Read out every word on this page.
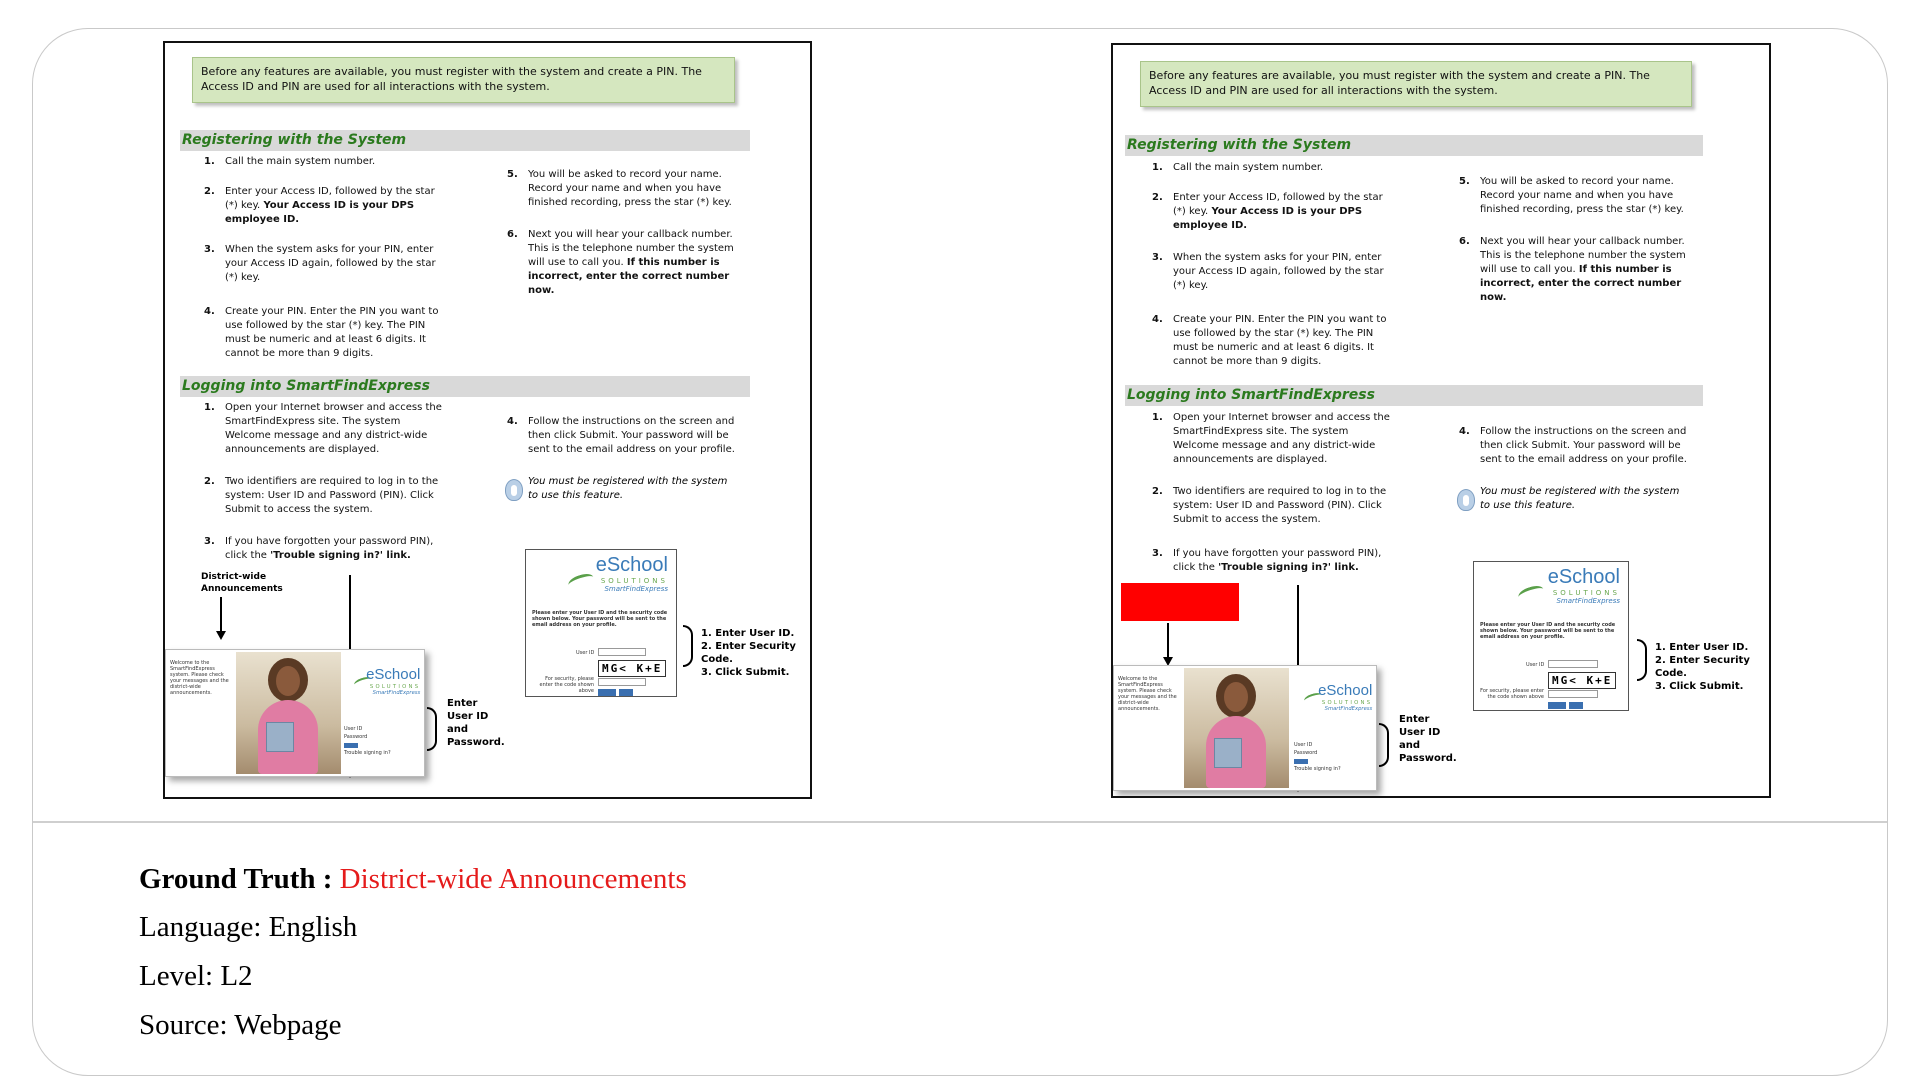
Before any features are available, you must register with the system and create a PIN. The Access ID and PIN are used for all interactions with the system.
Registering with the System
1. Call the main system number.
2. Enter your Access ID, followed by the star (*) key. Your Access ID is your DPS employee ID.
3. When the system asks for your PIN, enter your Access ID again, followed by the star (*) key.
4. Create your PIN. Enter the PIN you want to use followed by the star (*) key. The PIN must be numeric and at least 6 digits. It cannot be more than 9 digits.
5. You will be asked to record your name. Record your name and when you have finished recording, press the star (*) key.
6. Next you will hear your callback number. This is the telephone number the system will use to call you. If this number is incorrect, enter the correct number now.
Logging into SmartFindExpress
1. Open your Internet browser and access the SmartFindExpress site. The system Welcome message and any district-wide announcements are displayed.
2. Two identifiers are required to log in to the system: User ID and Password (PIN). Click Submit to access the system.
3. If you have forgotten your password PIN), click the 'Trouble signing in?' link.
4. Follow the instructions on the screen and then click Submit. Your password will be sent to the email address on your profile.
You must be registered with the system to use this feature.
eSchool
SOLUTIONS
SmartFindExpress
Please enter your User ID and the security code shown below. Your password will be sent to the email address on your profile.
User ID
MG< K+E
For security, please enter the code shown above
1. Enter User ID.
2. Enter Security Code.
3. Click Submit.
District-wide
Announcements
Welcome to the SmartFindExpress system. Please check your messages and the district-wide announcements.
eSchool
SOLUTIONS
SmartFindExpress
User ID
Password
Trouble signing in?
Enter
User ID
and
Password.
Before any features are available, you must register with the system and create a PIN. The Access ID and PIN are used for all interactions with the system.
Registering with the System
1. Call the main system number.
2. Enter your Access ID, followed by the star (*) key. Your Access ID is your DPS employee ID.
3. When the system asks for your PIN, enter your Access ID again, followed by the star (*) key.
4. Create your PIN. Enter the PIN you want to use followed by the star (*) key. The PIN must be numeric and at least 6 digits. It cannot be more than 9 digits.
5. You will be asked to record your name. Record your name and when you have finished recording, press the star (*) key.
6. Next you will hear your callback number. This is the telephone number the system will use to call you. If this number is incorrect, enter the correct number now.
Logging into SmartFindExpress
1. Open your Internet browser and access the SmartFindExpress site. The system Welcome message and any district-wide announcements are displayed.
2. Two identifiers are required to log in to the system: User ID and Password (PIN). Click Submit to access the system.
3. If you have forgotten your password PIN), click the 'Trouble signing in?' link.
4. Follow the instructions on the screen and then click Submit. Your password will be sent to the email address on your profile.
You must be registered with the system to use this feature.
eSchool
SOLUTIONS
SmartFindExpress
Please enter your User ID and the security code shown below. Your password will be sent to the email address on your profile.
User ID
MG< K+E
For security, please enter the code shown above
1. Enter User ID.
2. Enter Security Code.
3. Click Submit.
Welcome to the SmartFindExpress system. Please check your messages and the district-wide announcements.
eSchool
SOLUTIONS
SmartFindExpress
User ID
Password
Trouble signing in?
Enter
User ID
and
Password.
Ground Truth : District-wide Announcements
Language: English
Level: L2
Source: Webpage
